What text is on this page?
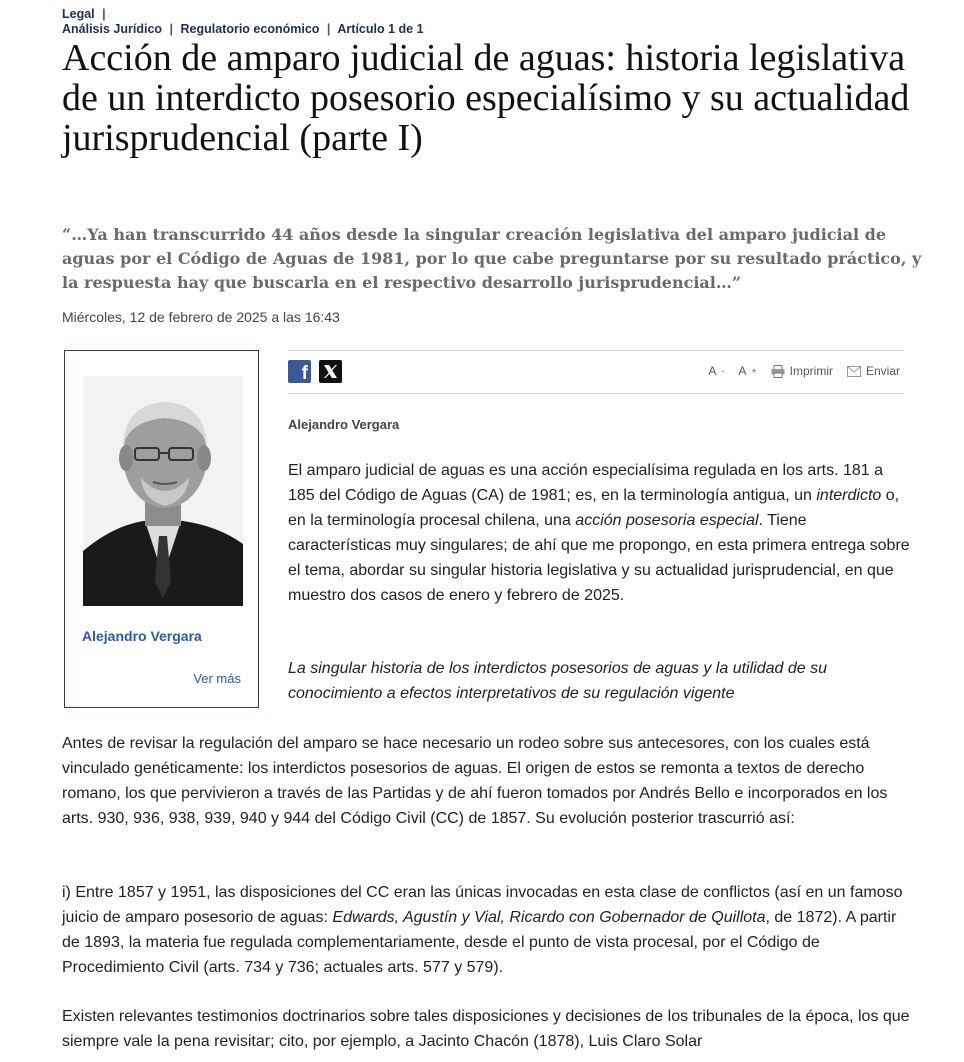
Legal |
Análisis Jurídico | Regulatorio económico | Artículo 1 de 1
Acción de amparo judicial de aguas: historia legislativa de un interdicto posesorio especialísimo y su actualidad jurisprudencial (parte I)

“…Ya han transcurrido 44 años desde la singular creación legislativa del amparo judicial de aguas por el Código de Aguas de 1981, por lo que cabe preguntarse por su resultado práctico, y la respuesta hay que buscarla en el respectivo desarrollo jurisprudencial…”

Miércoles, 12 de febrero de 2025 a las 16:43
Alejandro Vergara
Ver más
f	A - A +	Imprimir	Enviar
Alejandro Vergara

El amparo judicial de aguas es una acción especialísima regulada en los arts. 181 a 185 del Código de Aguas (CA) de 1981; es, en la terminología antigua, un interdicto o, en la terminología procesal chilena, una acción posesoria especial. Tiene características muy singulares; de ahí que me propongo, en esta primera entrega sobre el tema, abordar su singular historia legislativa y su actualidad jurisprudencial, en que muestro dos casos de enero y febrero de 2025.

La singular historia de los interdictos posesorios de aguas y la utilidad de su conocimiento a efectos interpretativos de su regulación vigente

Antes de revisar la regulación del amparo se hace necesario un rodeo sobre sus antecesores, con los cuales está vinculado genéticamente: los interdictos posesorios de aguas. El origen de estos se remonta a textos de derecho romano, los que pervivieron a través de las Partidas y de ahí fueron tomados por Andrés Bello e incorporados en los arts. 930, 936, 938, 939, 940 y 944 del Código Civil (CC) de 1857. Su evolución posterior trascurrió así:

i) Entre 1857 y 1951, las disposiciones del CC eran las únicas invocadas en esta clase de conflictos (así en un famoso juicio de amparo posesorio de aguas: Edwards, Agustín y Vial, Ricardo con Gobernador de Quillota, de 1872). A partir de 1893, la materia fue regulada complementariamente, desde el punto de vista procesal, por el Código de Procedimiento Civil (arts. 734 y 736; actuales arts. 577 y 579).

Existen relevantes testimonios doctrinarios sobre tales disposiciones y decisiones de los tribunales de la época, los que siempre vale la pena revisitar; cito, por ejemplo, a Jacinto Chacón (1878), Luis Claro Solar
